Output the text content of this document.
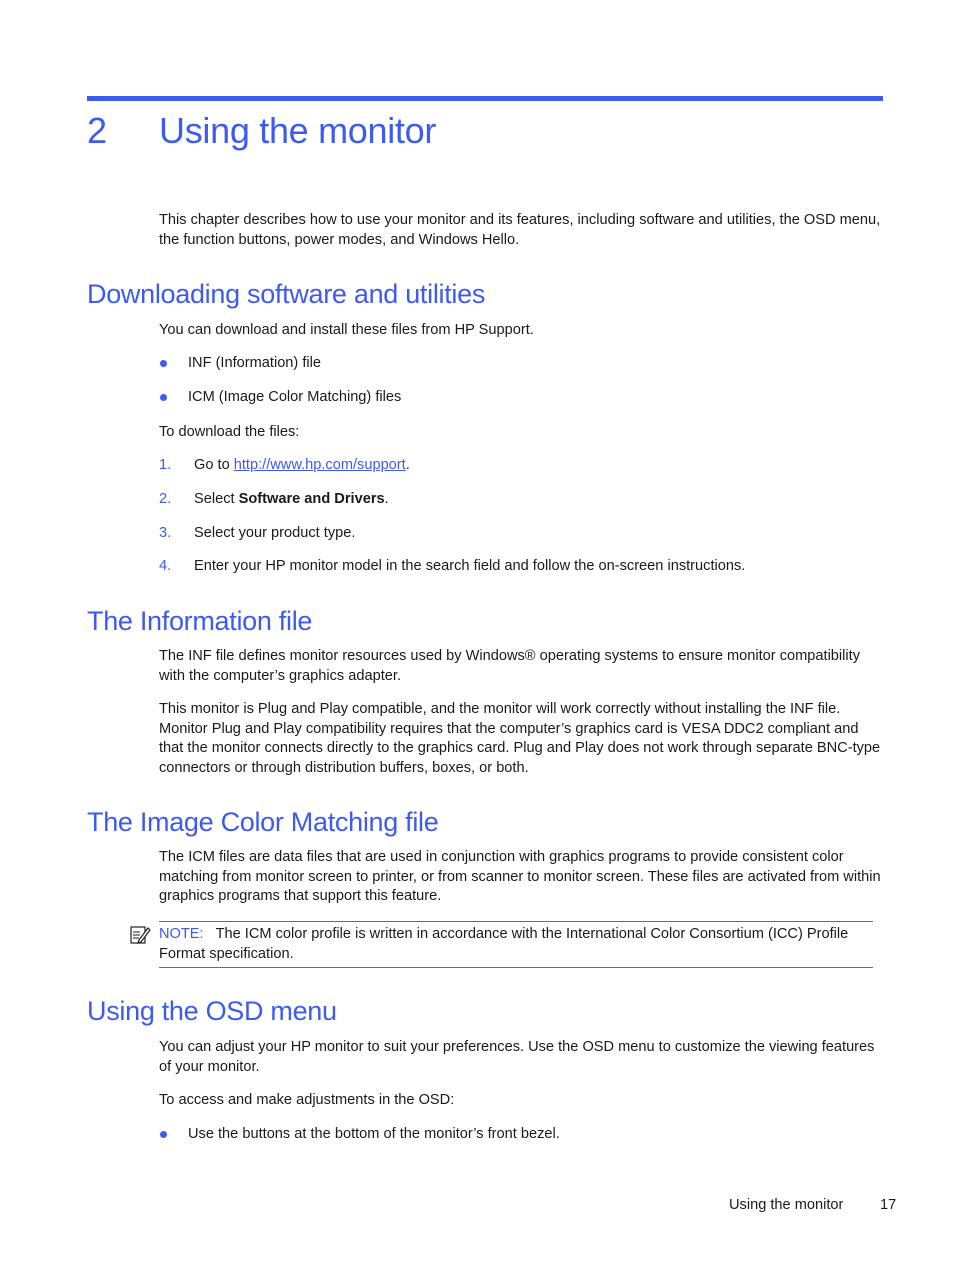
2	Using the monitor

This chapter describes how to use your monitor and its features, including software and utilities, the OSD menu, the function buttons, power modes, and Windows Hello.

Downloading software and utilities

You can download and install these files from HP Support.

INF (Information) file
ICM (Image Color Matching) files

To download the files:

1. Go to http://www.hp.com/support.
2. Select Software and Drivers.
3. Select your product type.
4. Enter your HP monitor model in the search field and follow the on-screen instructions.
The Information file

The INF file defines monitor resources used by Windows® operating systems to ensure monitor compatibility with the computer’s graphics adapter.

This monitor is Plug and Play compatible, and the monitor will work correctly without installing the INF file. Monitor Plug and Play compatibility requires that the computer’s graphics card is VESA DDC2 compliant and that the monitor connects directly to the graphics card. Plug and Play does not work through separate BNC-type connectors or through distribution buffers, boxes, or both.

The Image Color Matching file

The ICM files are data files that are used in conjunction with graphics programs to provide consistent color matching from monitor screen to printer, or from scanner to monitor screen. These files are activated from within graphics programs that support this feature.

NOTE: The ICM color profile is written in accordance with the International Color Consortium (ICC) Profile Format specification.

Using the OSD menu

You can adjust your HP monitor to suit your preferences. Use the OSD menu to customize the viewing features of your monitor.

To access and make adjustments in the OSD:

Use the buttons at the bottom of the monitor’s front bezel.
Using the monitor	17
